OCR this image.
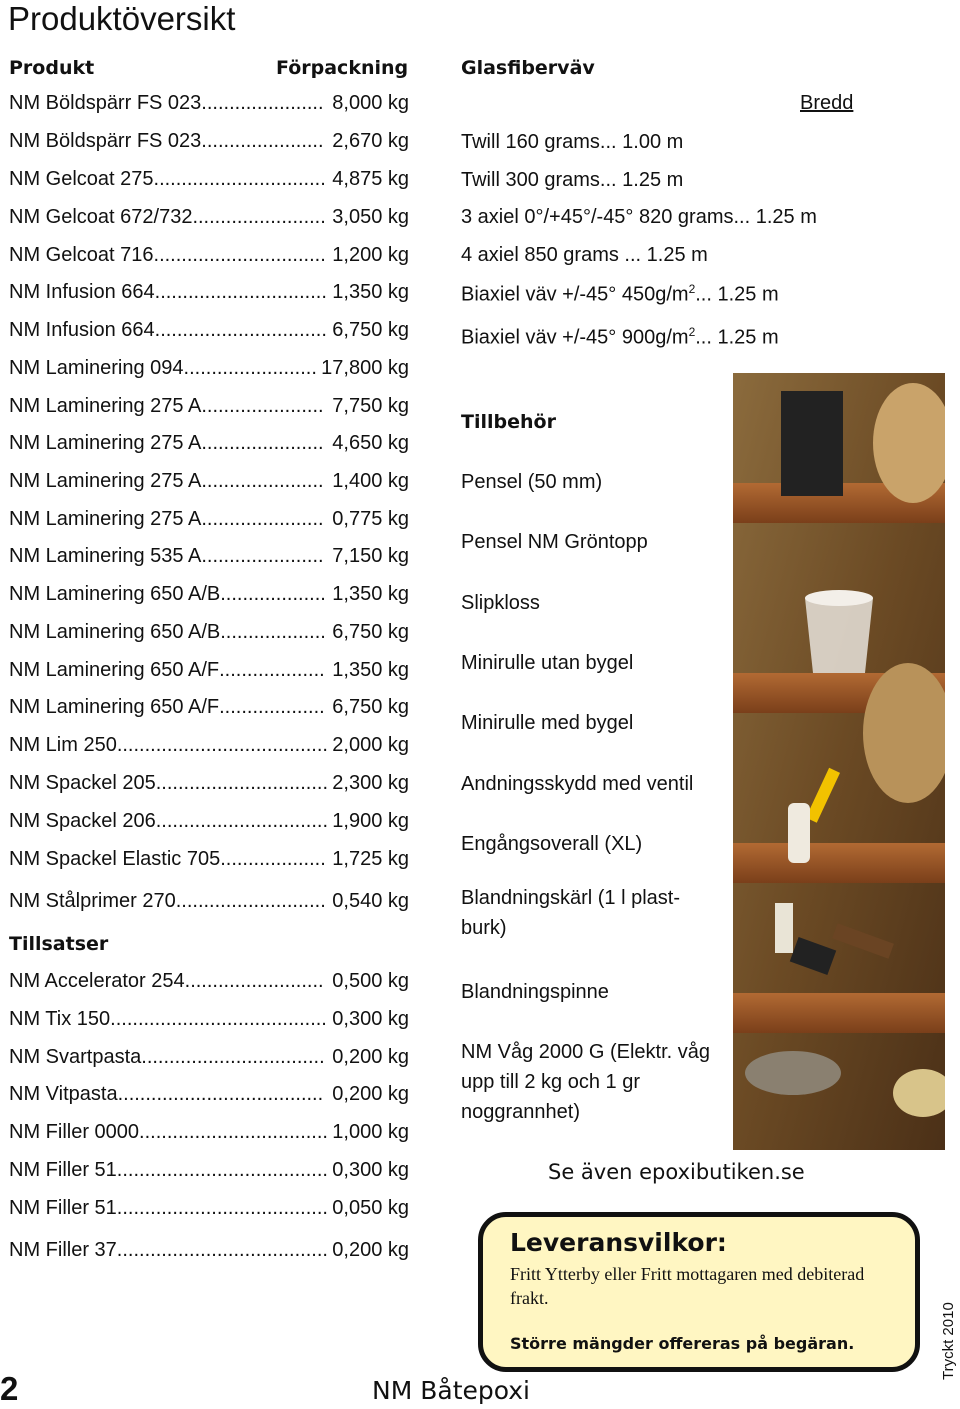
Produktöversikt
Produkt	Förpackning
NM Böldspärr FS 023 ...................... 8,000 kg
NM Böldspärr FS 023 ...................... 2,670 kg
NM Gelcoat 275 ............................... 4,875 kg
NM Gelcoat 672/732 ........................ 3,050 kg
NM Gelcoat 716 ............................... 1,200 kg
NM Infusion 664 ............................... 1,350 kg
NM Infusion 664 ............................... 6,750 kg
NM Laminering 094 ........................ 17,800 kg
NM Laminering 275 A ...................... 7,750 kg
NM Laminering 275 A ...................... 4,650 kg
NM Laminering 275 A ...................... 1,400 kg
NM Laminering 275 A ...................... 0,775 kg
NM Laminering 535 A ...................... 7,150 kg
NM Laminering 650 A/B ................... 1,350 kg
NM Laminering 650 A/B ................... 6,750 kg
NM Laminering 650 A/F ................... 1,350 kg
NM Laminering 650 A/F ................... 6,750 kg
NM Lim 250 ...................................... 2,000 kg
NM Spackel 205 ............................... 2,300 kg
NM Spackel 206 ............................... 1,900 kg
NM Spackel Elastic 705 ................... 1,725 kg
NM Stålprimer 270 ........................... 0,540 kg
Tillsatser
NM Accelerator 254 ......................... 0,500 kg
NM Tix 150 ....................................... 0,300 kg
NM Svartpasta ................................. 0,200 kg
NM Vitpasta ..................................... 0,200 kg
NM Filler 0000 .................................. 1,000 kg
NM Filler 51 ...................................... 0,300 kg
NM Filler 51 ...................................... 0,050 kg
NM Filler 37 ...................................... 0,200 kg
Glasfiberväv
Bredd
Twill 160 grams... 1.00 m
Twill 300 grams... 1.25 m
3 axiel 0°/+45°/-45° 820 grams... 1.25 m
4 axiel 850 grams ... 1.25 m
Biaxiel väv +/-45° $450g/m^2$... 1.25 m
Biaxiel väv +/-45° $900g/m^2$... 1.25 m
Tillbehör
Pensel (50 mm)
Pensel NM Gröntopp
Slipkloss
Minirulle utan bygel
Minirulle med bygel
Andningsskydd med ventil
Engångsoverall (XL)
Blandningskärl (1 l plast-burk)
Blandningspinne
NM Våg 2000 G (Elektr. våg upp till 2 kg och 1 gr noggrannhet)
Se även epoxibutiken.se
Leveransvilkor:
Fritt Ytterby eller Fritt mottagaren med debiterad frakt.
Större mängder offereras på begäran.
2	NM Båtepoxi
Tryckt 2010
